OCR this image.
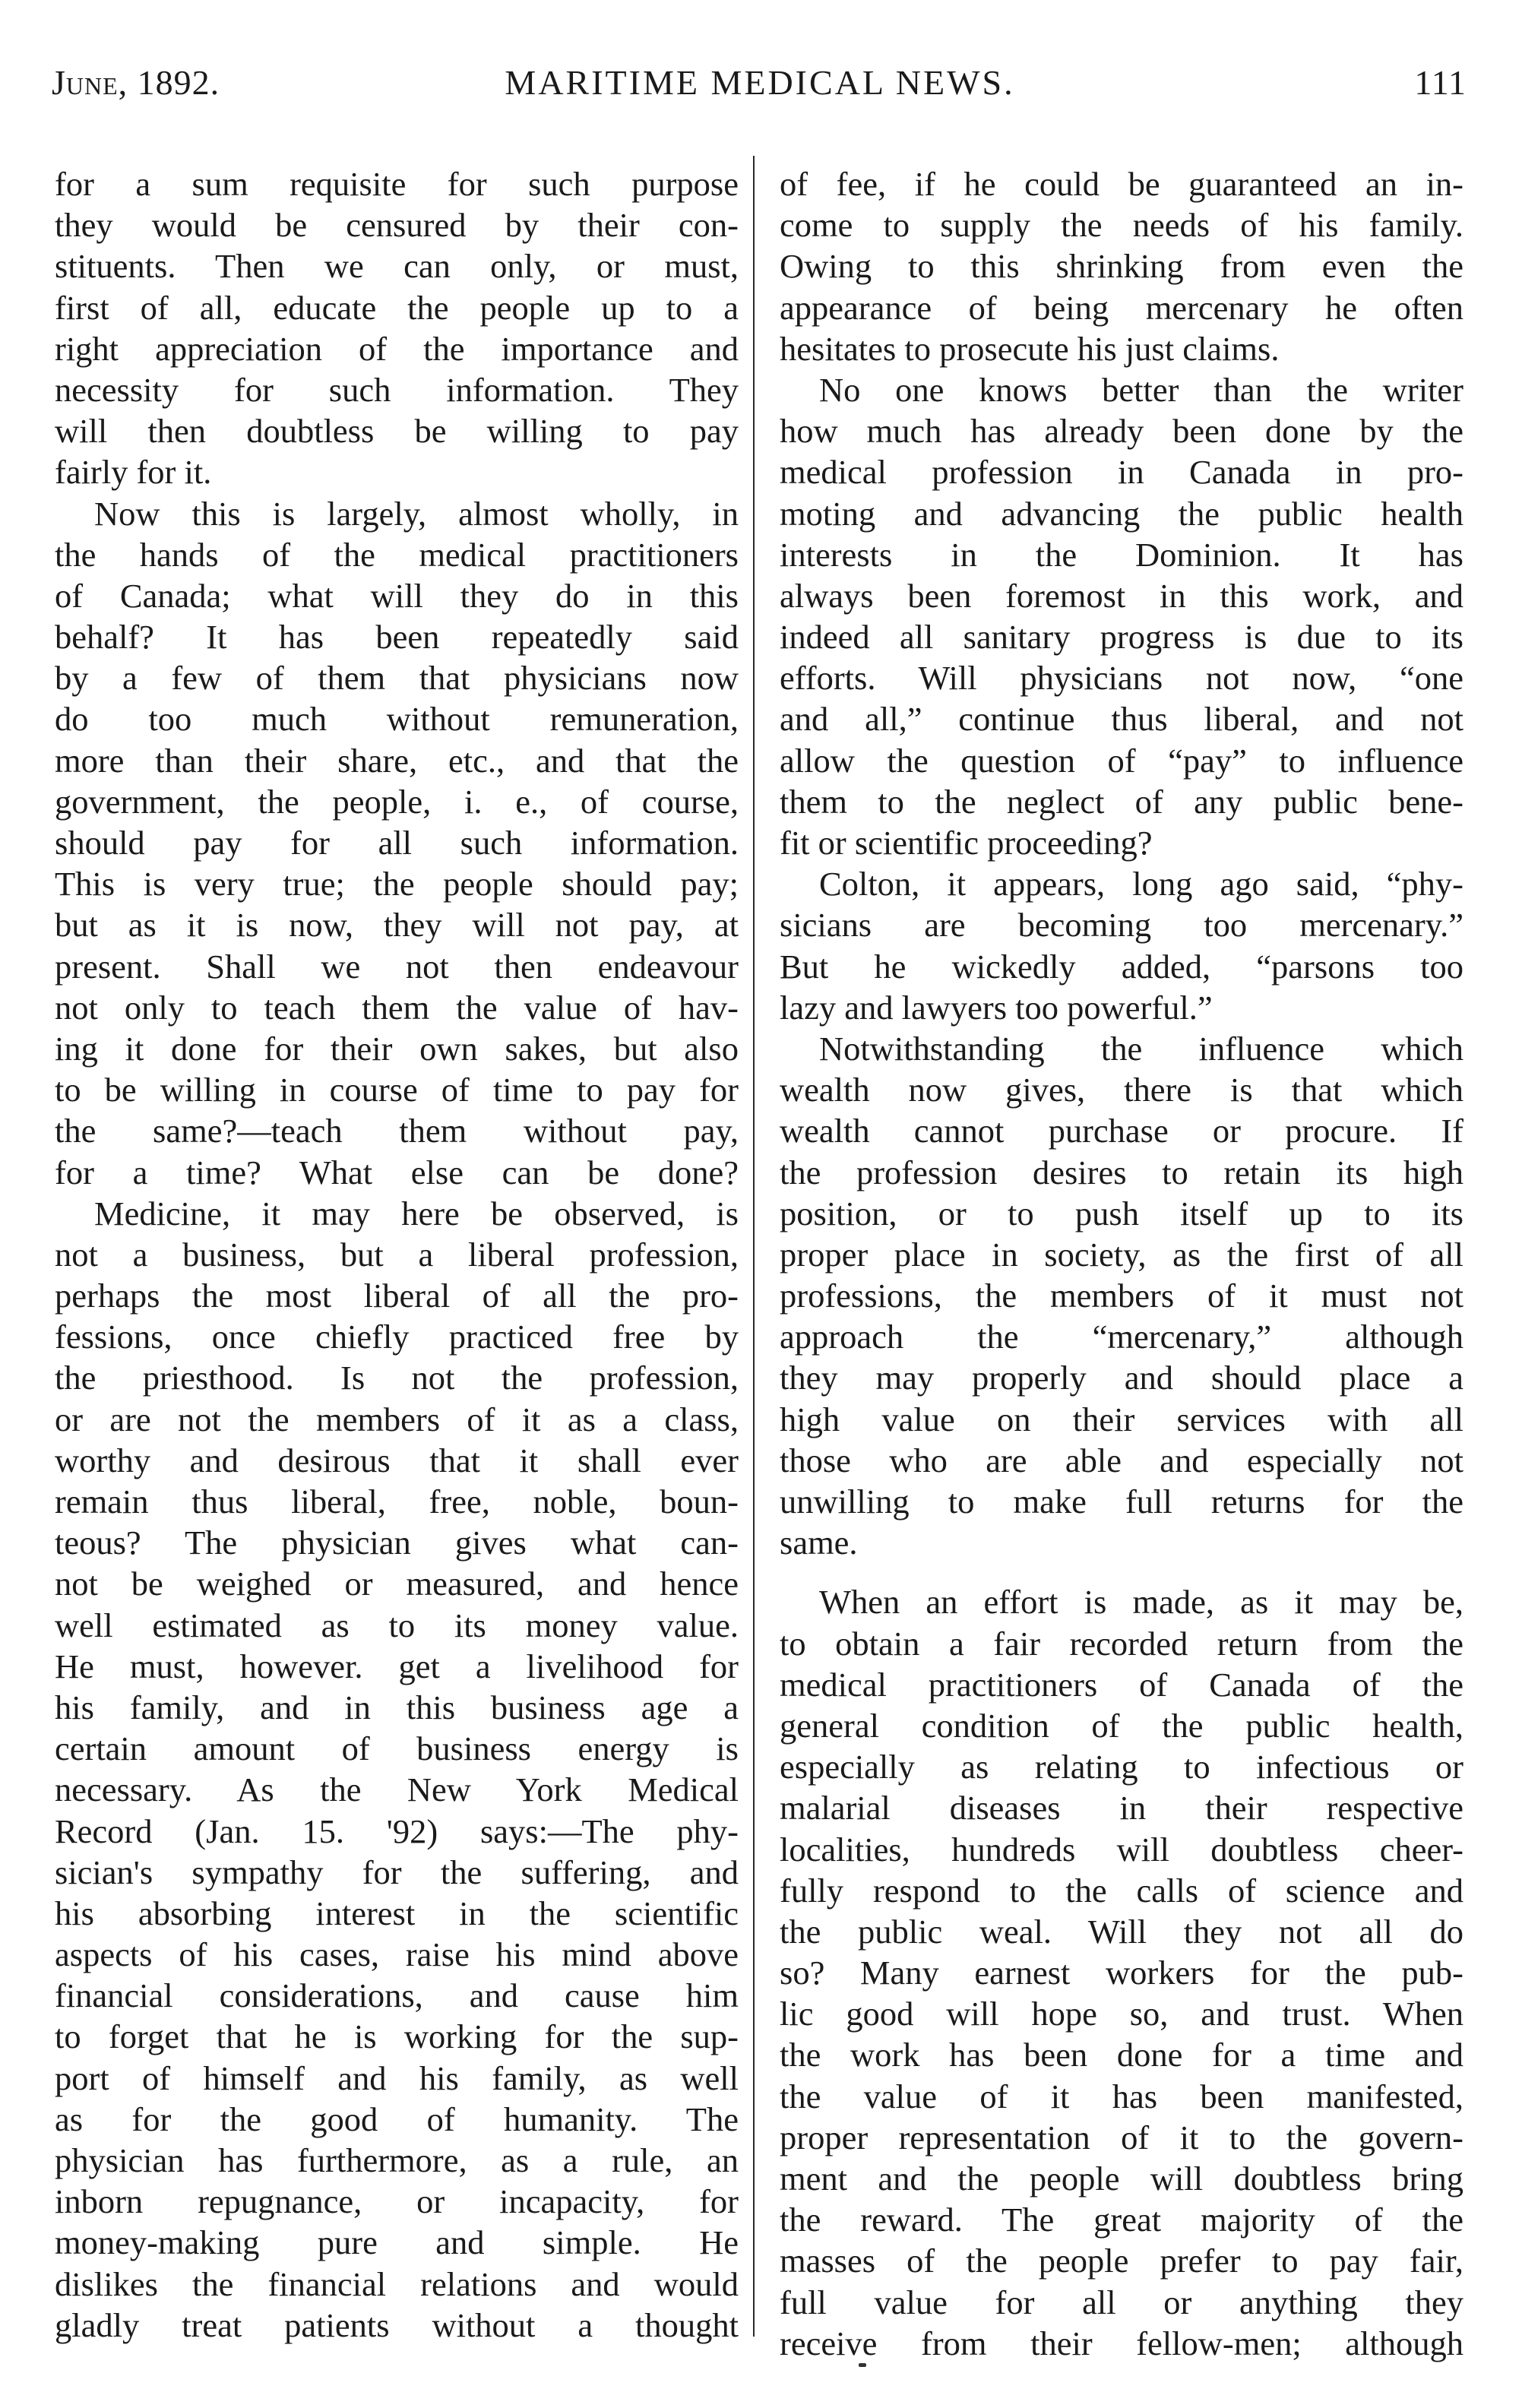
June, 1892.	MARITIME MEDICAL NEWS.	111

for a sum requisite for such purpose
they would be censured by their con-
stituents. Then we can only, or must,
first of all, educate the people up to a
right appreciation of the importance and
necessity for such information. They
will then doubtless be willing to pay
fairly for it.

Now this is largely, almost wholly, in
the hands of the medical practitioners
of Canada; what will they do in this
behalf? It has been repeatedly said
by a few of them that physicians now
do too much without remuneration,
more than their share, etc., and that the
government, the people, i. e., of course,
should pay for all such information.
This is very true; the people should pay;
but as it is now, they will not pay, at
present. Shall we not then endeavour
not only to teach them the value of hav-
ing it done for their own sakes, but also
to be willing in course of time to pay for
the same?—teach them without pay,
for a time? What else can be done?

Medicine, it may here be observed, is
not a business, but a liberal profession,
perhaps the most liberal of all the pro-
fessions, once chiefly practiced free by
the priesthood. Is not the profession,
or are not the members of it as a class,
worthy and desirous that it shall ever
remain thus liberal, free, noble, boun-
teous? The physician gives what can-
not be weighed or measured, and hence
well estimated as to its money value.
He must, however. get a livelihood for
his family, and in this business age a
certain amount of business energy is
necessary. As the New York Medical
Record (Jan. 15. '92) says:—The phy-
sician's sympathy for the suffering, and
his absorbing interest in the scientific
aspects of his cases, raise his mind above
financial considerations, and cause him
to forget that he is working for the sup-
port of himself and his family, as well
as for the good of humanity. The
physician has furthermore, as a rule, an
inborn repugnance, or incapacity, for
money-making pure and simple. He
dislikes the financial relations and would
gladly treat patients without a thought

of fee, if he could be guaranteed an in-
come to supply the needs of his family.
Owing to this shrinking from even the
appearance of being mercenary he often
hesitates to prosecute his just claims.

No one knows better than the writer
how much has already been done by the
medical profession in Canada in pro-
moting and advancing the public health
interests in the Dominion. It has
always been foremost in this work, and
indeed all sanitary progress is due to its
efforts. Will physicians not now, “one
and all,” continue thus liberal, and not
allow the question of “pay” to influence
them to the neglect of any public bene-
fit or scientific proceeding?

Colton, it appears, long ago said, “phy-
sicians are becoming too mercenary.”
But he wickedly added, “parsons too
lazy and lawyers too powerful.”

Notwithstanding the influence which
wealth now gives, there is that which
wealth cannot purchase or procure. If
the profession desires to retain its high
position, or to push itself up to its
proper place in society, as the first of all
professions, the members of it must not
approach the “mercenary,” although
they may properly and should place a
high value on their services with all
those who are able and especially not
unwilling to make full returns for the
same.

When an effort is made, as it may be,
to obtain a fair recorded return from the
medical practitioners of Canada of the
general condition of the public health,
especially as relating to infectious or
malarial diseases in their respective
localities, hundreds will doubtless cheer-
fully respond to the calls of science and
the public weal. Will they not all do
so? Many earnest workers for the pub-
lic good will hope so, and trust. When
the work has been done for a time and
the value of it has been manifested,
proper representation of it to the govern-
ment and the people will doubtless bring
the reward. The great majority of the
masses of the people prefer to pay fair,
full value for all or anything they
receive from their fellow-men; although
